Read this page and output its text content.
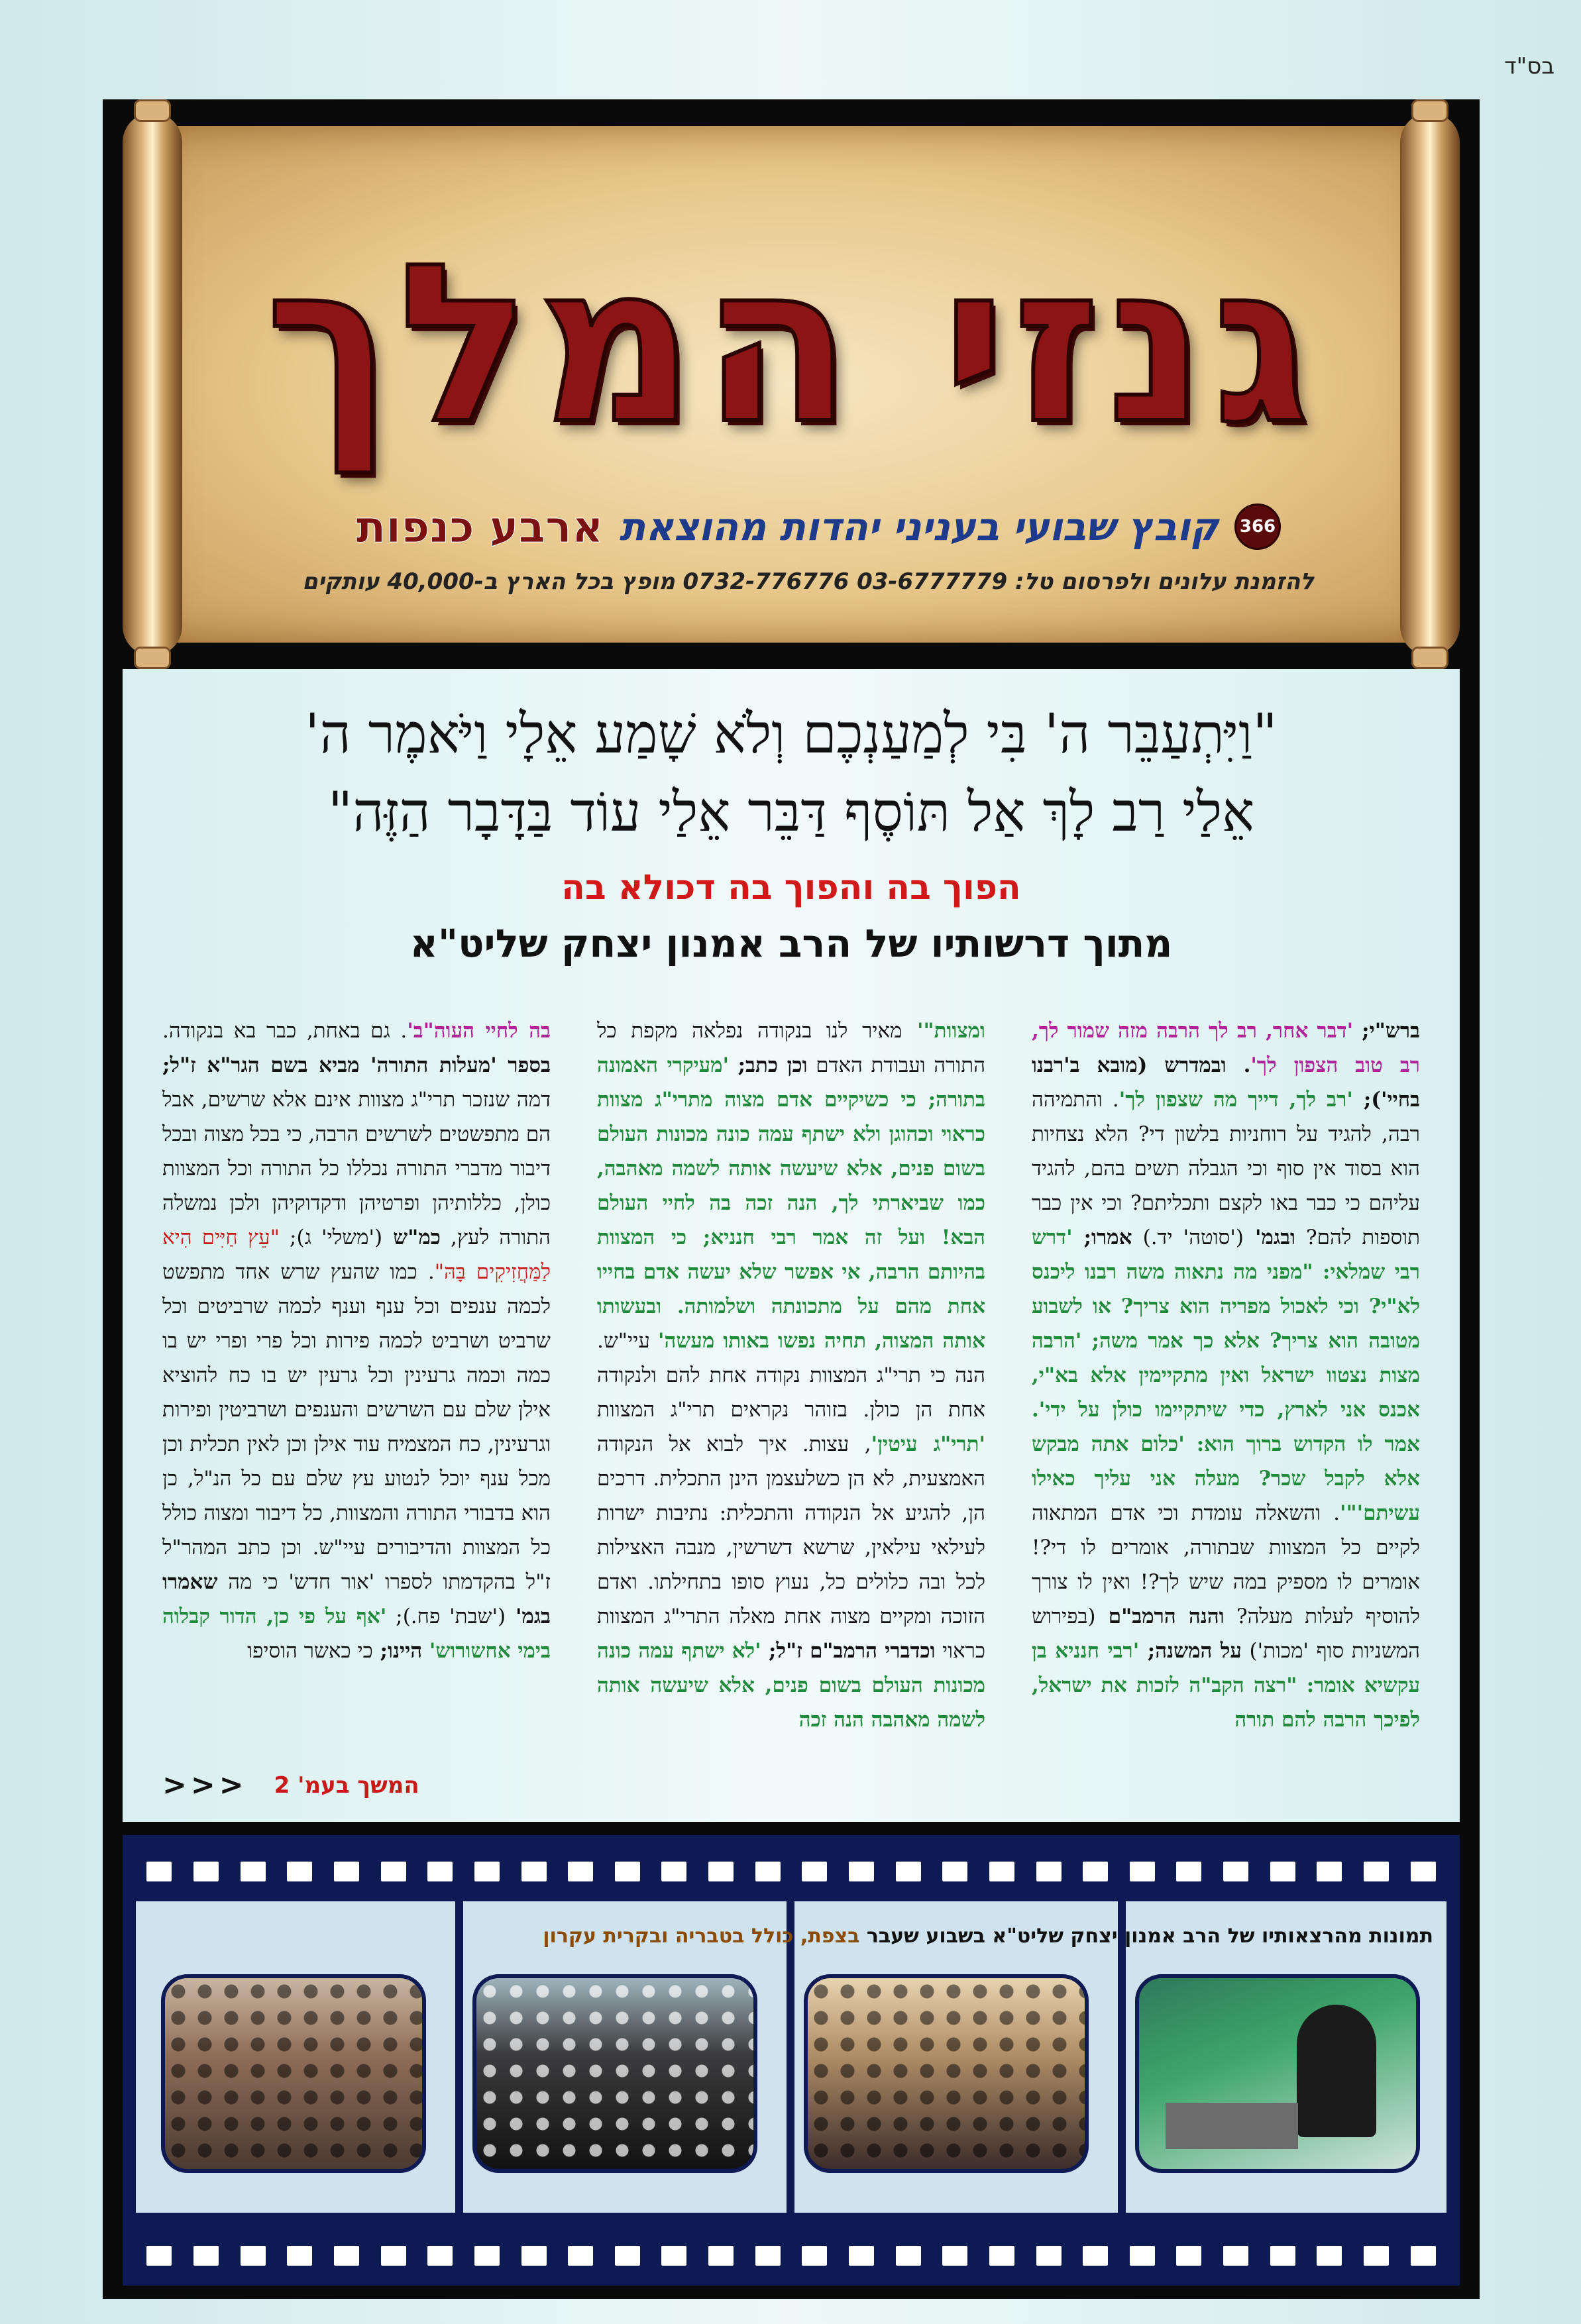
בס"ד
גנזי המלך
366
קובץ שבועי בעניני יהדות מהוצאת
ארבע כנפות
להזמנת עלונים ולפרסום טל: 03-6777779 0732-776776 מופץ בכל הארץ ב-40,000 עותקים
"וַיִּתְעַבֵּר ה' בִּי לְמַעַנְכֶם וְלֹא שָׁמַע אֵלָי וַיֹּאמֶר ה'
אֵלַי רַב לָךְ אַל תּוֹסֶף דַּבֵּר אֵלַי עוֹד בַּדָּבָר הַזֶּה"
הפוך בה והפוך בה דכולא בה
מתוך דרשותיו של הרב אמנון יצחק שליט"א

ברש"י; 'דבר אחר, רב לך הרבה מזה שמור לך, רב טוב הצפון לך'. ובמדרש (מובא ב'רבנו בחיי'); 'רב לך, דייך מה שצפון לך'. והתמיהה רבה, להגיד על רוחניות בלשון די? הלא נצחיות הוא בסוד אין סוף וכי הגבלה תשים בהם, להגיד עליהם כי כבר באו לקצם ותכליתם? וכי אין כבר תוספות להם? ובגמ' ('סוטה' יד.) אמרו; 'דרש רבי שמלאי: "מפני מה נתאוה משה רבנו ליכנס לא"י? וכי לאכול מפריה הוא צריך? או לשבוע מטובה הוא צריך? אלא כך אמר משה; 'הרבה מצות נצטוו ישראל ואין מתקיימין אלא בא"י, אכנס אני לארץ, כדי שיתקיימו כולן על ידי'. אמר לו הקדוש ברוך הוא: 'כלום אתה מבקש אלא לקבל שכר? מעלה אני עליך כאילו עשיתם'"'. והשאלה עומדת וכי אדם המתאוה לקיים כל המצוות שבתורה, אומרים לו די?! אומרים לו מספיק במה שיש לך?! ואין לו צורך להוסיף לעלות מעלה? והנה הרמב"ם (בפירוש המשניות סוף 'מכות') על המשנה; 'רבי חנניא בן עקשיא אומר: "רצה הקב"ה לזכות את ישראל, לפיכך הרבה להם תורה

ומצוות"' מאיר לנו בנקודה נפלאה מקפת כל התורה ועבודת האדם וכן כתב; 'מעיקרי האמונה בתורה; כי כשיקיים אדם מצוה מתרי"ג מצוות כראוי וכהוגן ולא ישתף עמה כונה מכונות העולם בשום פנים, אלא שיעשה אותה לשמה מאהבה, כמו שביארתי לך, הנה זכה בה לחיי העולם הבא! ועל זה אמר רבי חנניא; כי המצוות בהיותם הרבה, אי אפשר שלא יעשה אדם בחייו אחת מהם על מתכונתה ושלמותה. ובעשותו אותה המצוה, תחיה נפשו באותו מעשה' עיי"ש. הנה כי תרי"ג המצוות נקודה אחת להם ולנקודה אחת הן כולן. בזוהר נקראים תרי"ג המצוות 'תרי"ג עיטין', עצות. איך לבוא אל הנקודה האמצעית, לא הן כשלעצמן הינן התכלית. דרכים הן, להגיע אל הנקודה והתכלית: נתיבות ישרות לעילאי עילאין, שרשא דשרשין, מנבה האצילות לכל ובה כלולים כל, נעוץ סופו בתחילתו. ואדם הזוכה ומקיים מצוה אחת מאלה התרי"ג המצוות כראוי וכדברי הרמב"ם ז"ל; 'לא ישתף עמה כונה מכונות העולם בשום פנים, אלא שיעשה אותה לשמה מאהבה הנה זכה

בה לחיי העוה"ב'. גם באחת, כבר בא בנקודה. בספר 'מעלות התורה' מביא בשם הגר"א ז"ל; דמה שנזכר תרי"ג מצוות אינם אלא שרשים, אבל הם מתפשטים לשרשים הרבה, כי בכל מצוה ובכל דיבור מדברי התורה נכללו כל התורה וכל המצוות כולן, כללותיהן ופרטיהן ודקדוקיהן ולכן נמשלה התורה לעץ, כמ"ש ('משלי' ג); "עֵץ חַיִּים הִיא לַמַּחֲזִיקִים בָּהּ". כמו שהעץ שרש אחד מתפשט לכמה ענפים וכל ענף וענף לכמה שרביטים וכל שרביט ושרביט לכמה פירות וכל פרי ופרי יש בו כמה וכמה גרעינין וכל גרעין יש בו כח להוציא אילן שלם עם השרשים והענפים ושרביטין ופירות וגרעינין, כח המצמיח עוד אילן וכן לאין תכלית וכן מכל ענף יוכל לנטוע עץ שלם עם כל הנ"ל, כן הוא בדבורי התורה והמצוות, כל דיבור ומצוה כולל כל המצוות והדיבורים עיי"ש. וכן כתב המהר"ל ז"ל בהקדמתו לספרו 'אור חדש' כי מה שאמרו בגמ' ('שבת' פח.); 'אף על פי כן, הדור קבלוה בימי אחשורוש' היינו; כי כאשר הוסיפו

המשך בעמ' 2
<<<
תמונות מהרצאותיו של הרב אמנון יצחק שליט"א בשבוע שעבר בצפת, כולל בטבריה ובקרית עקרון
